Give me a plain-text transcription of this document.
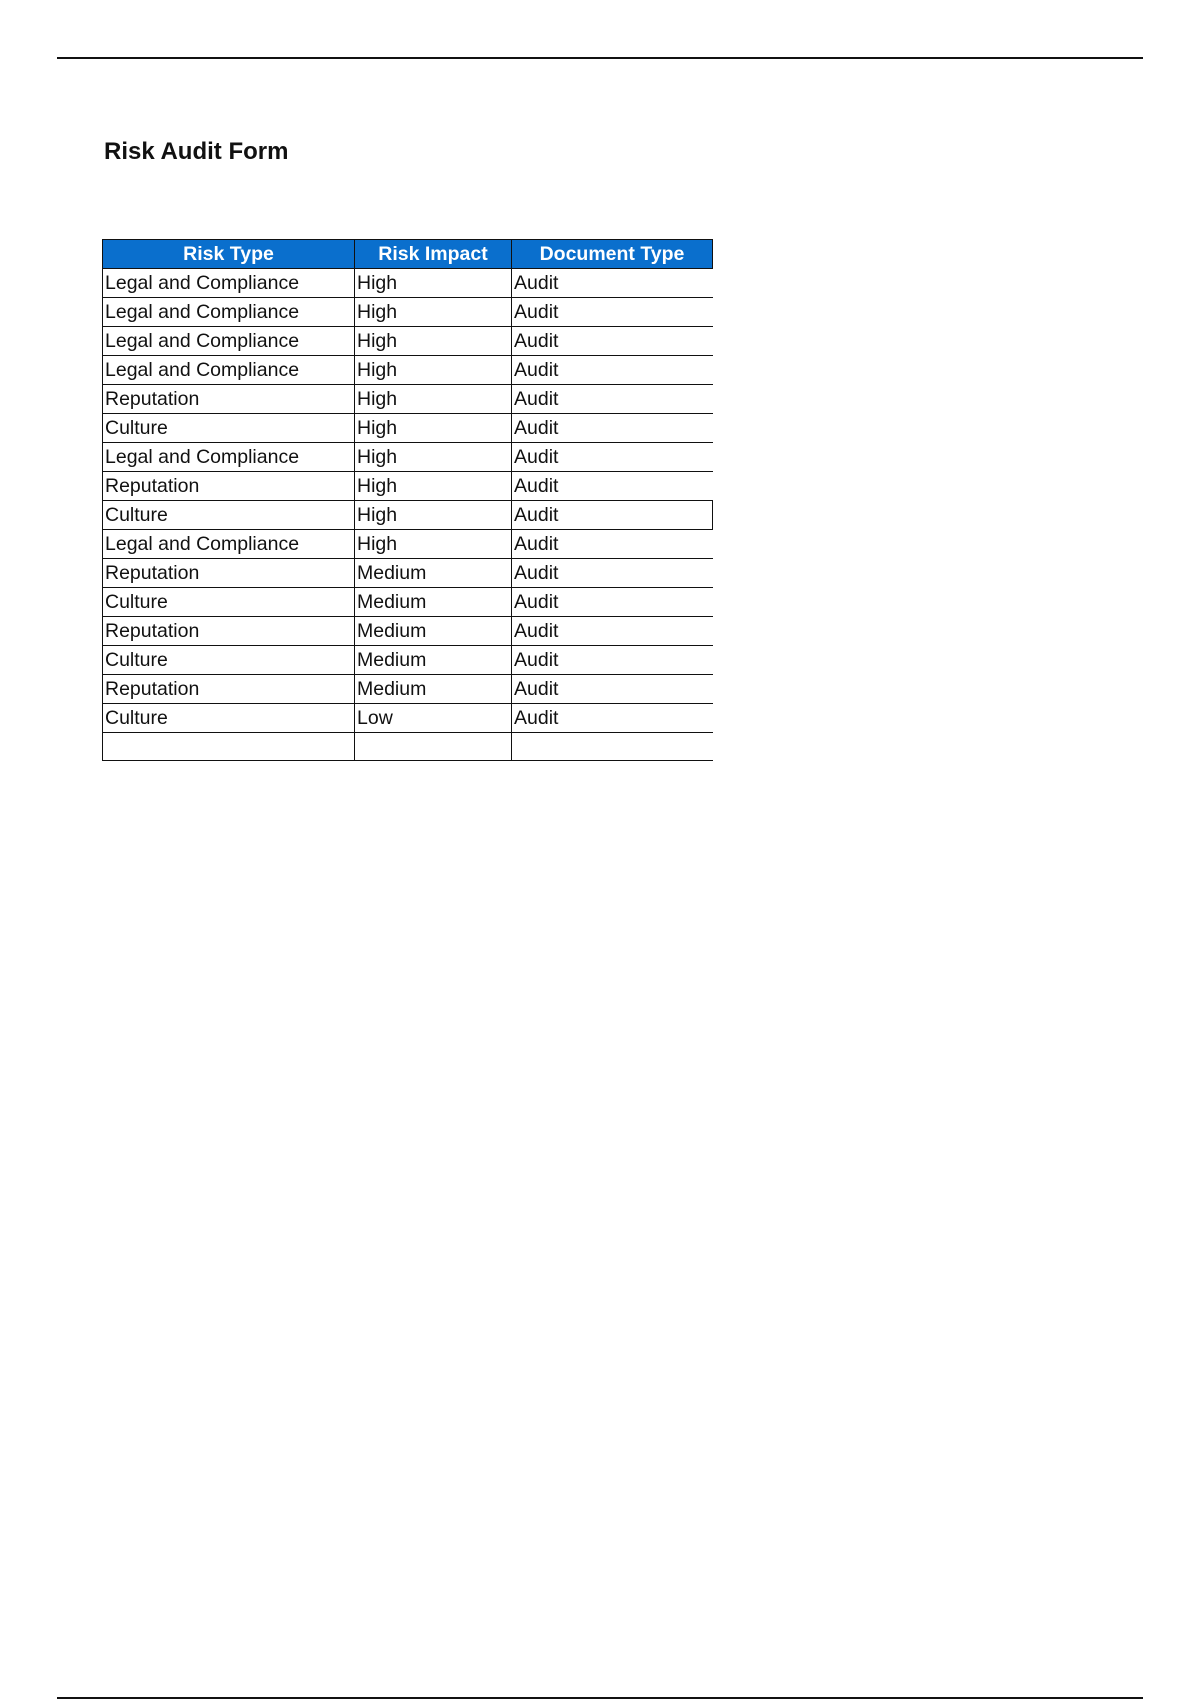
Risk Audit Form
Risk Type	Risk Impact	Document Type
Legal and Compliance	High	Audit
Legal and Compliance	High	Audit
Legal and Compliance	High	Audit
Legal and Compliance	High	Audit
Reputation	High	Audit
Culture	High	Audit
Legal and Compliance	High	Audit
Reputation	High	Audit
Culture	High	Audit
Legal and Compliance	High	Audit
Reputation	Medium	Audit
Culture	Medium	Audit
Reputation	Medium	Audit
Culture	Medium	Audit
Reputation	Medium	Audit
Culture	Low	Audit
